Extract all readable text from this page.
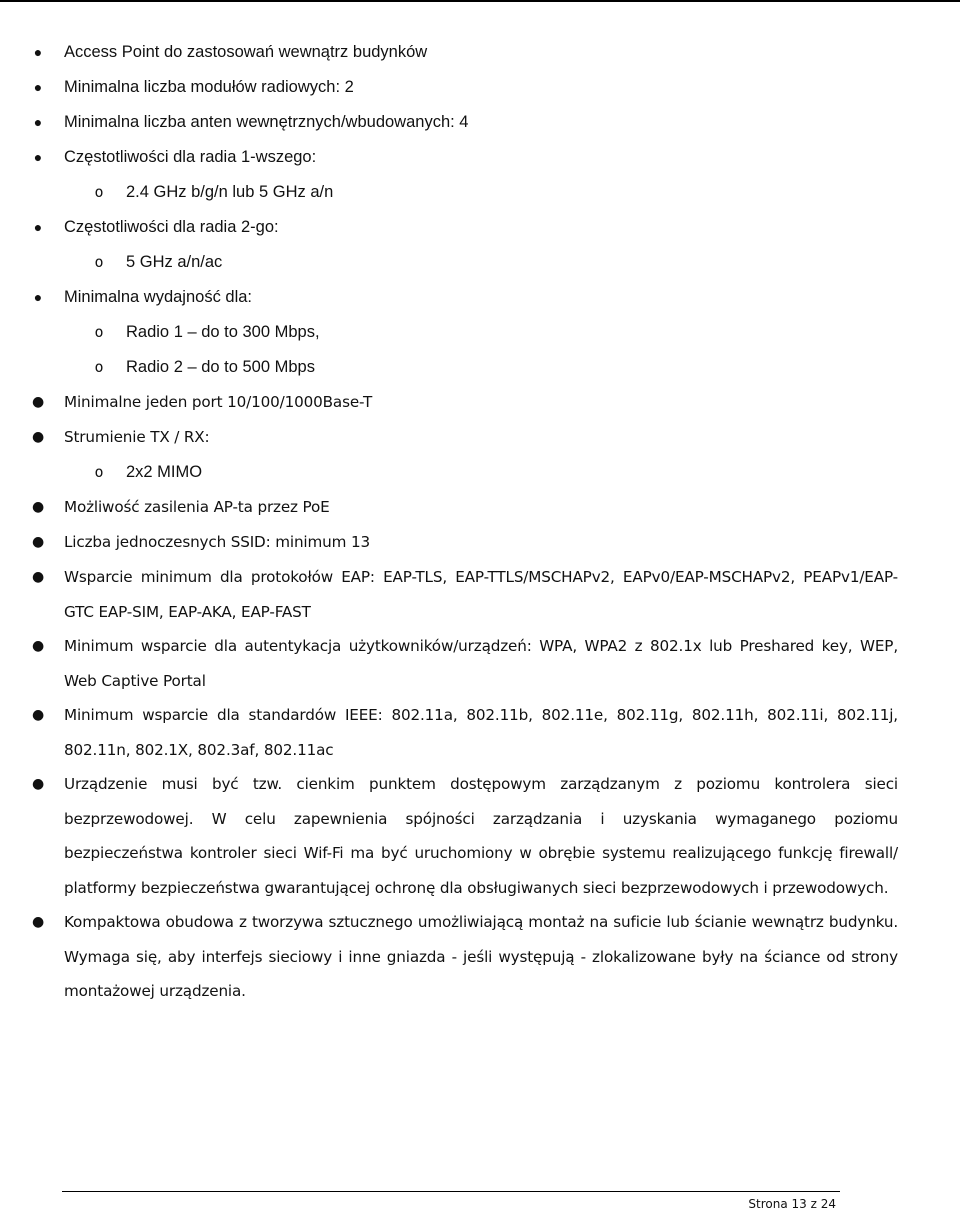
● Access Point do zastosowań wewnątrz budynków
● Minimalna liczba modułów radiowych: 2
● Minimalna liczba anten wewnętrznych/wbudowanych: 4
● Częstotliwości dla radia 1-wszego:
o 2.4 GHz b/g/n lub 5 GHz a/n
● Częstotliwości dla radia 2-go:
o 5 GHz a/n/ac
● Minimalna wydajność dla:
o Radio 1 – do to 300 Mbps,
o Radio 2 – do to 500 Mbps
● Minimalne jeden port 10/100/1000Base-T
● Strumienie TX / RX:
o 2x2 MIMO
● Możliwość zasilenia AP-ta przez PoE
● Liczba jednoczesnych SSID: minimum 13
● Wsparcie minimum dla protokołów EAP: EAP-TLS, EAP-TTLS/MSCHAPv2, EAPv0/EAP-MSCHAPv2, PEAPv1/EAP-GTC EAP-SIM, EAP-AKA, EAP-FAST
● Minimum wsparcie dla autentykacja użytkowników/urządzeń: WPA, WPA2 z 802.1x lub Preshared key, WEP, Web Captive Portal
● Minimum wsparcie dla standardów IEEE: 802.11a, 802.11b, 802.11e, 802.11g, 802.11h, 802.11i, 802.11j, 802.11n, 802.1X, 802.3af, 802.11ac
● Urządzenie musi być tzw. cienkim punktem dostępowym zarządzanym z poziomu kontrolera sieci bezprzewodowej. W celu zapewnienia spójności zarządzania i uzyskania wymaganego poziomu bezpieczeństwa kontroler sieci Wif-Fi ma być uruchomiony w obrębie systemu realizującego funkcję firewall/ platformy bezpieczeństwa gwarantującej ochronę dla obsługiwanych sieci bezprzewodowych i przewodowych.
● Kompaktowa obudowa z tworzywa sztucznego umożliwiającą montaż na suficie lub ścianie wewnątrz budynku. Wymaga się, aby interfejs sieciowy i inne gniazda - jeśli występują - zlokalizowane były na ściance od strony montażowej urządzenia.
Strona 13 z 24
